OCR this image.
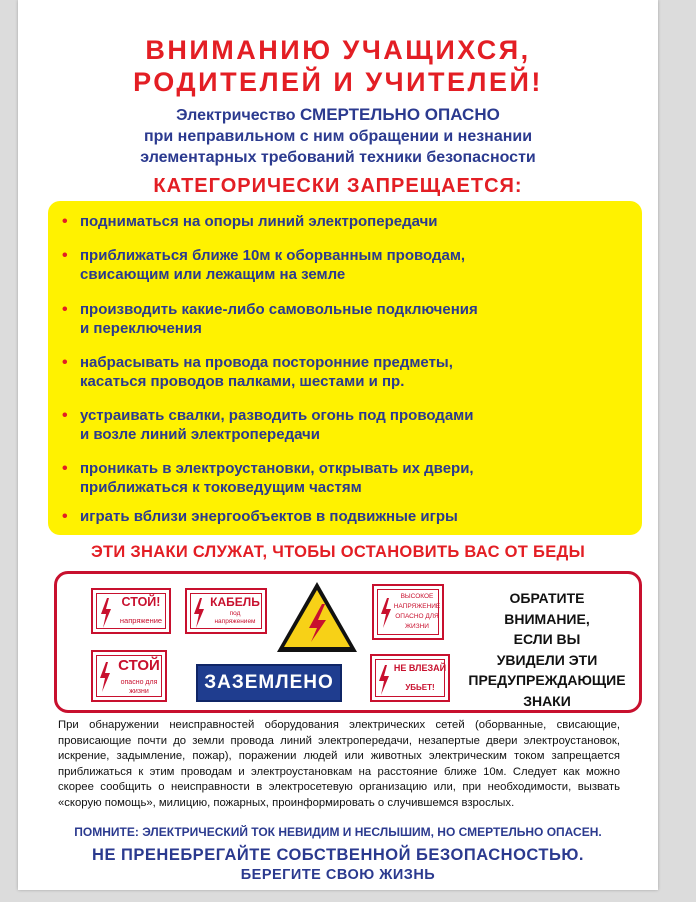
ВНИМАНИЮ УЧАЩИХСЯ,
РОДИТЕЛЕЙ И УЧИТЕЛЕЙ!
Электричество СМЕРТЕЛЬНО ОПАСНО
при неправильном с ним обращении и незнании
элементарных требований техники безопасности
КАТЕГОРИЧЕСКИ ЗАПРЕЩАЕТСЯ:
• подниматься на опоры линий электропередачи
• приближаться ближе 10м к оборванным проводам,
свисающим или лежащим на земле
• производить какие-либо самовольные подключения
и переключения
• набрасывать на провода посторонние предметы,
касаться проводов палками, шестами и пр.
• устраивать свалки, разводить огонь под проводами
и возле линий электропередачи
• проникать в электроустановки, открывать их двери,
приближаться к токоведущим частям
• играть вблизи энергообъектов в подвижные игры
ЭТИ ЗНАКИ СЛУЖАТ, ЧТОБЫ ОСТАНОВИТЬ ВАС ОТ БЕДЫ
СТОЙ!
напряжение
КАБЕЛЬ
под
напряжением
ВЫСОКОЕ
НАПРЯЖЕНИЕ
ОПАСНО ДЛЯ
ЖИЗНИ
СТОЙ
опасно для
жизни	ЗАЗЕМЛЕНО
НЕ ВЛЕЗАЙ
УБЬЕТ!
ОБРАТИТЕ
ВНИМАНИЕ,
ЕСЛИ ВЫ
УВИДЕЛИ ЭТИ
ПРЕДУПРЕЖДАЮЩИЕ
ЗНАКИ
При обнаружении неисправностей оборудования электрических сетей (оборванные, свисающие, провисающие почти до земли провода линий электропередачи, незапертые двери электроустановок, искрение, задымление, пожар), поражении людей или животных электрическим током запрещается приближаться к этим проводам и электроустановкам на расстояние ближе 10м. Следует как можно скорее сообщить о неисправности в электросетевую организацию или, при необходимости, вызвать «скорую помощь», милицию, пожарных, проинформировать о случившемся взрослых.
ПОМНИТЕ: ЭЛЕКТРИЧЕСКИЙ ТОК НЕВИДИМ И НЕСЛЫШИМ, НО СМЕРТЕЛЬНО ОПАСЕН.
НЕ ПРЕНЕБРЕГАЙТЕ СОБСТВЕННОЙ БЕЗОПАСНОСТЬЮ.
БЕРЕГИТЕ СВОЮ ЖИЗНЬ
